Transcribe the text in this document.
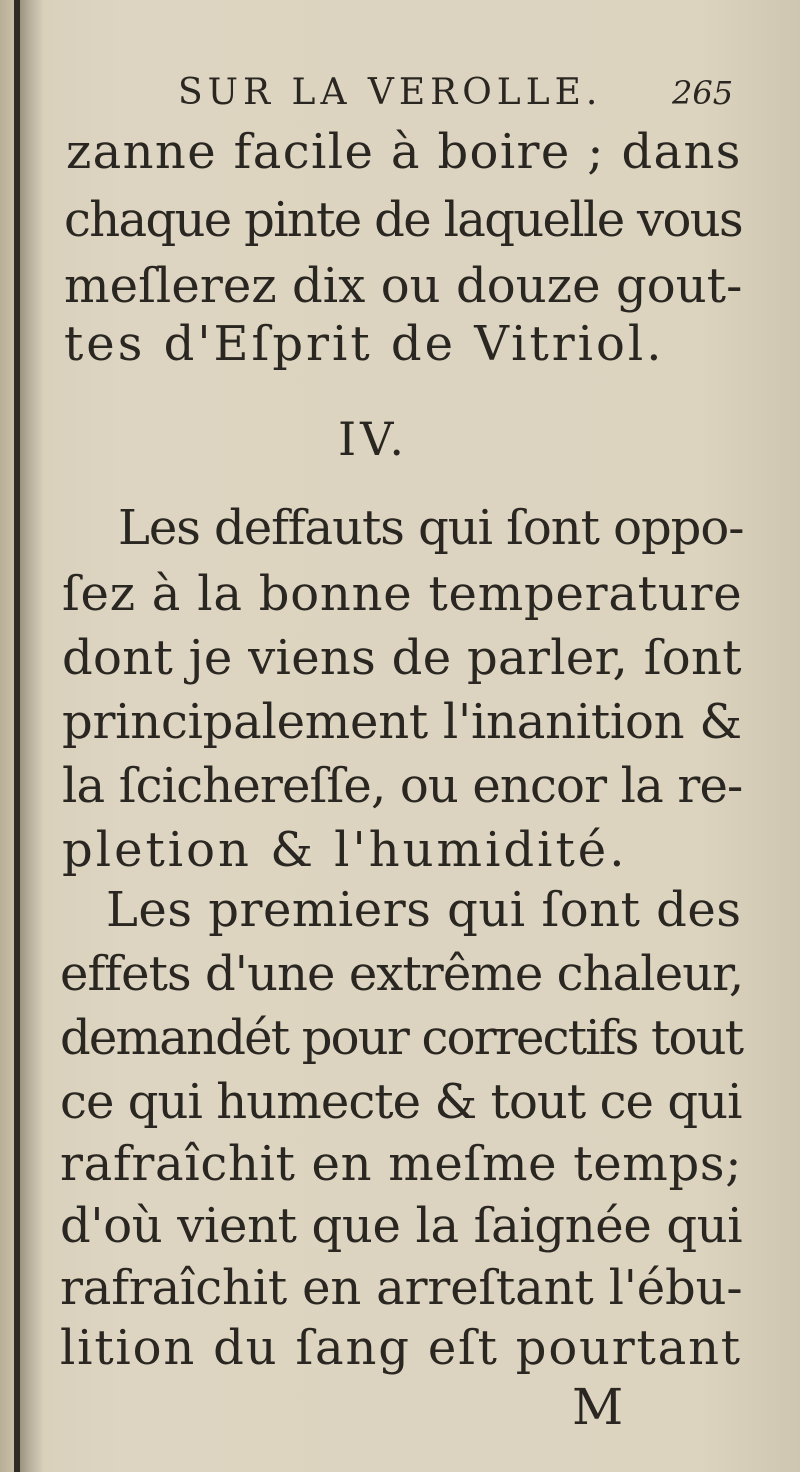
SUR LA VEROLLE. 265
zanne facile à boire ; dans
chaque pinte de laquelle vous
meſlerez dix ou douze gout-
tes d'Eſprit de Vitriol.
IV.
Les deffauts qui ſont oppo-
ſez à la bonne temperature
dont je viens de parler, ſont
principalement l'inanition &
la ſcichereſſe, ou encor la re-
pletion & l'humidité.
Les premiers qui ſont des
effets d'une extrême chaleur,
demandét pour correctifs tout
ce qui humecte & tout ce qui
rafraîchit en meſme temps;
d'où vient que la ſaignée qui
rafraîchit en arreſtant l'ébu-
lition du ſang eſt pourtant
M
